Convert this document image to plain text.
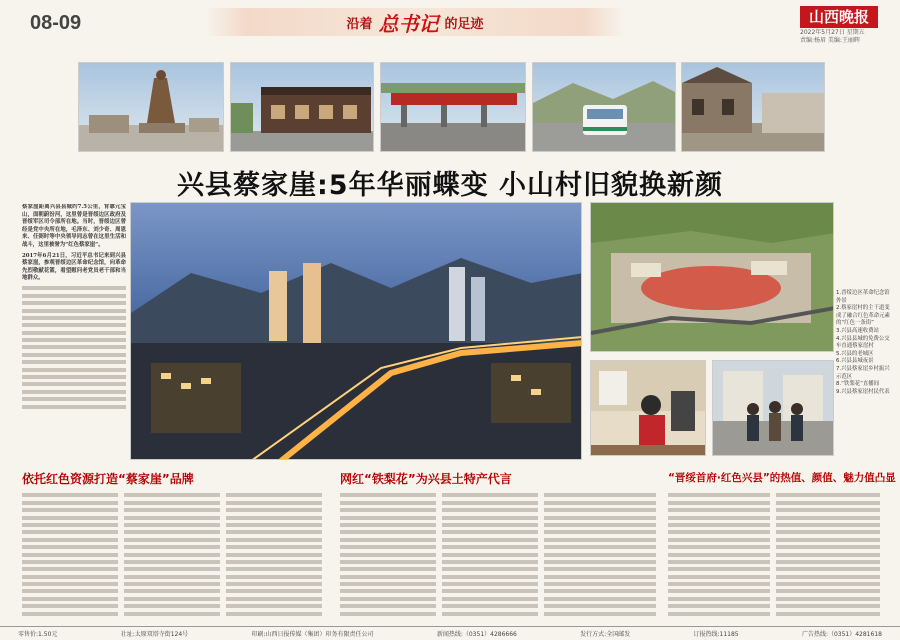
08-09	沿着 总书记 的足迹	山西晚报
2022年5月27日 星期五
责编:杨眉 美编:王丽晖
兴县蔡家崖:5年华丽蝶变 小山村旧貌换新颜

蔡家崖距离兴县县城约7.5公里，背靠元宝山，面朝蔚汾河，这里曾是晋绥边区政府及晋绥军区司令部所在地。当时，晋绥边区曾经是党中央所在地，毛泽东、刘少奇、周恩来、任弼时等中央领导同志曾在这里生活和战斗，这里被誉为“红色蔡家崖”。

2017年6月21日，习近平总书记来到兴县蔡家崖，参观晋绥边区革命纪念馆，向革命先烈敬献花篮，看望慰问老党员老干部和当地群众。

1.晋绥边区革命纪念馆外景
2.蔡家崖村的主干道变成了融合红色革命元素的“红色一条街”
3.兴县高速收费站
4.兴县县城的免费公交车直通蔡家崖村
5.兴县的老城区
6.兴县县城夜景
7.兴县蔡家崖乡村振兴示范区
8.“铁梨花”直播间
9.兴县蔡家崖村民代表
依托红色资源打造“蔡家崖”品牌	网红“铁梨花”为兴县土特产代言	“晋绥首府·红色兴县”的热值、颜值、魅力值凸显
零售价:1.50元	社址:太原双塔寺街124号	印刷:山西日报传媒（集团）印务有限责任公司	新闻热线:（0351）4286666	发行方式:全国邮发	订报热线:11185	广告热线:（0351）4281618
